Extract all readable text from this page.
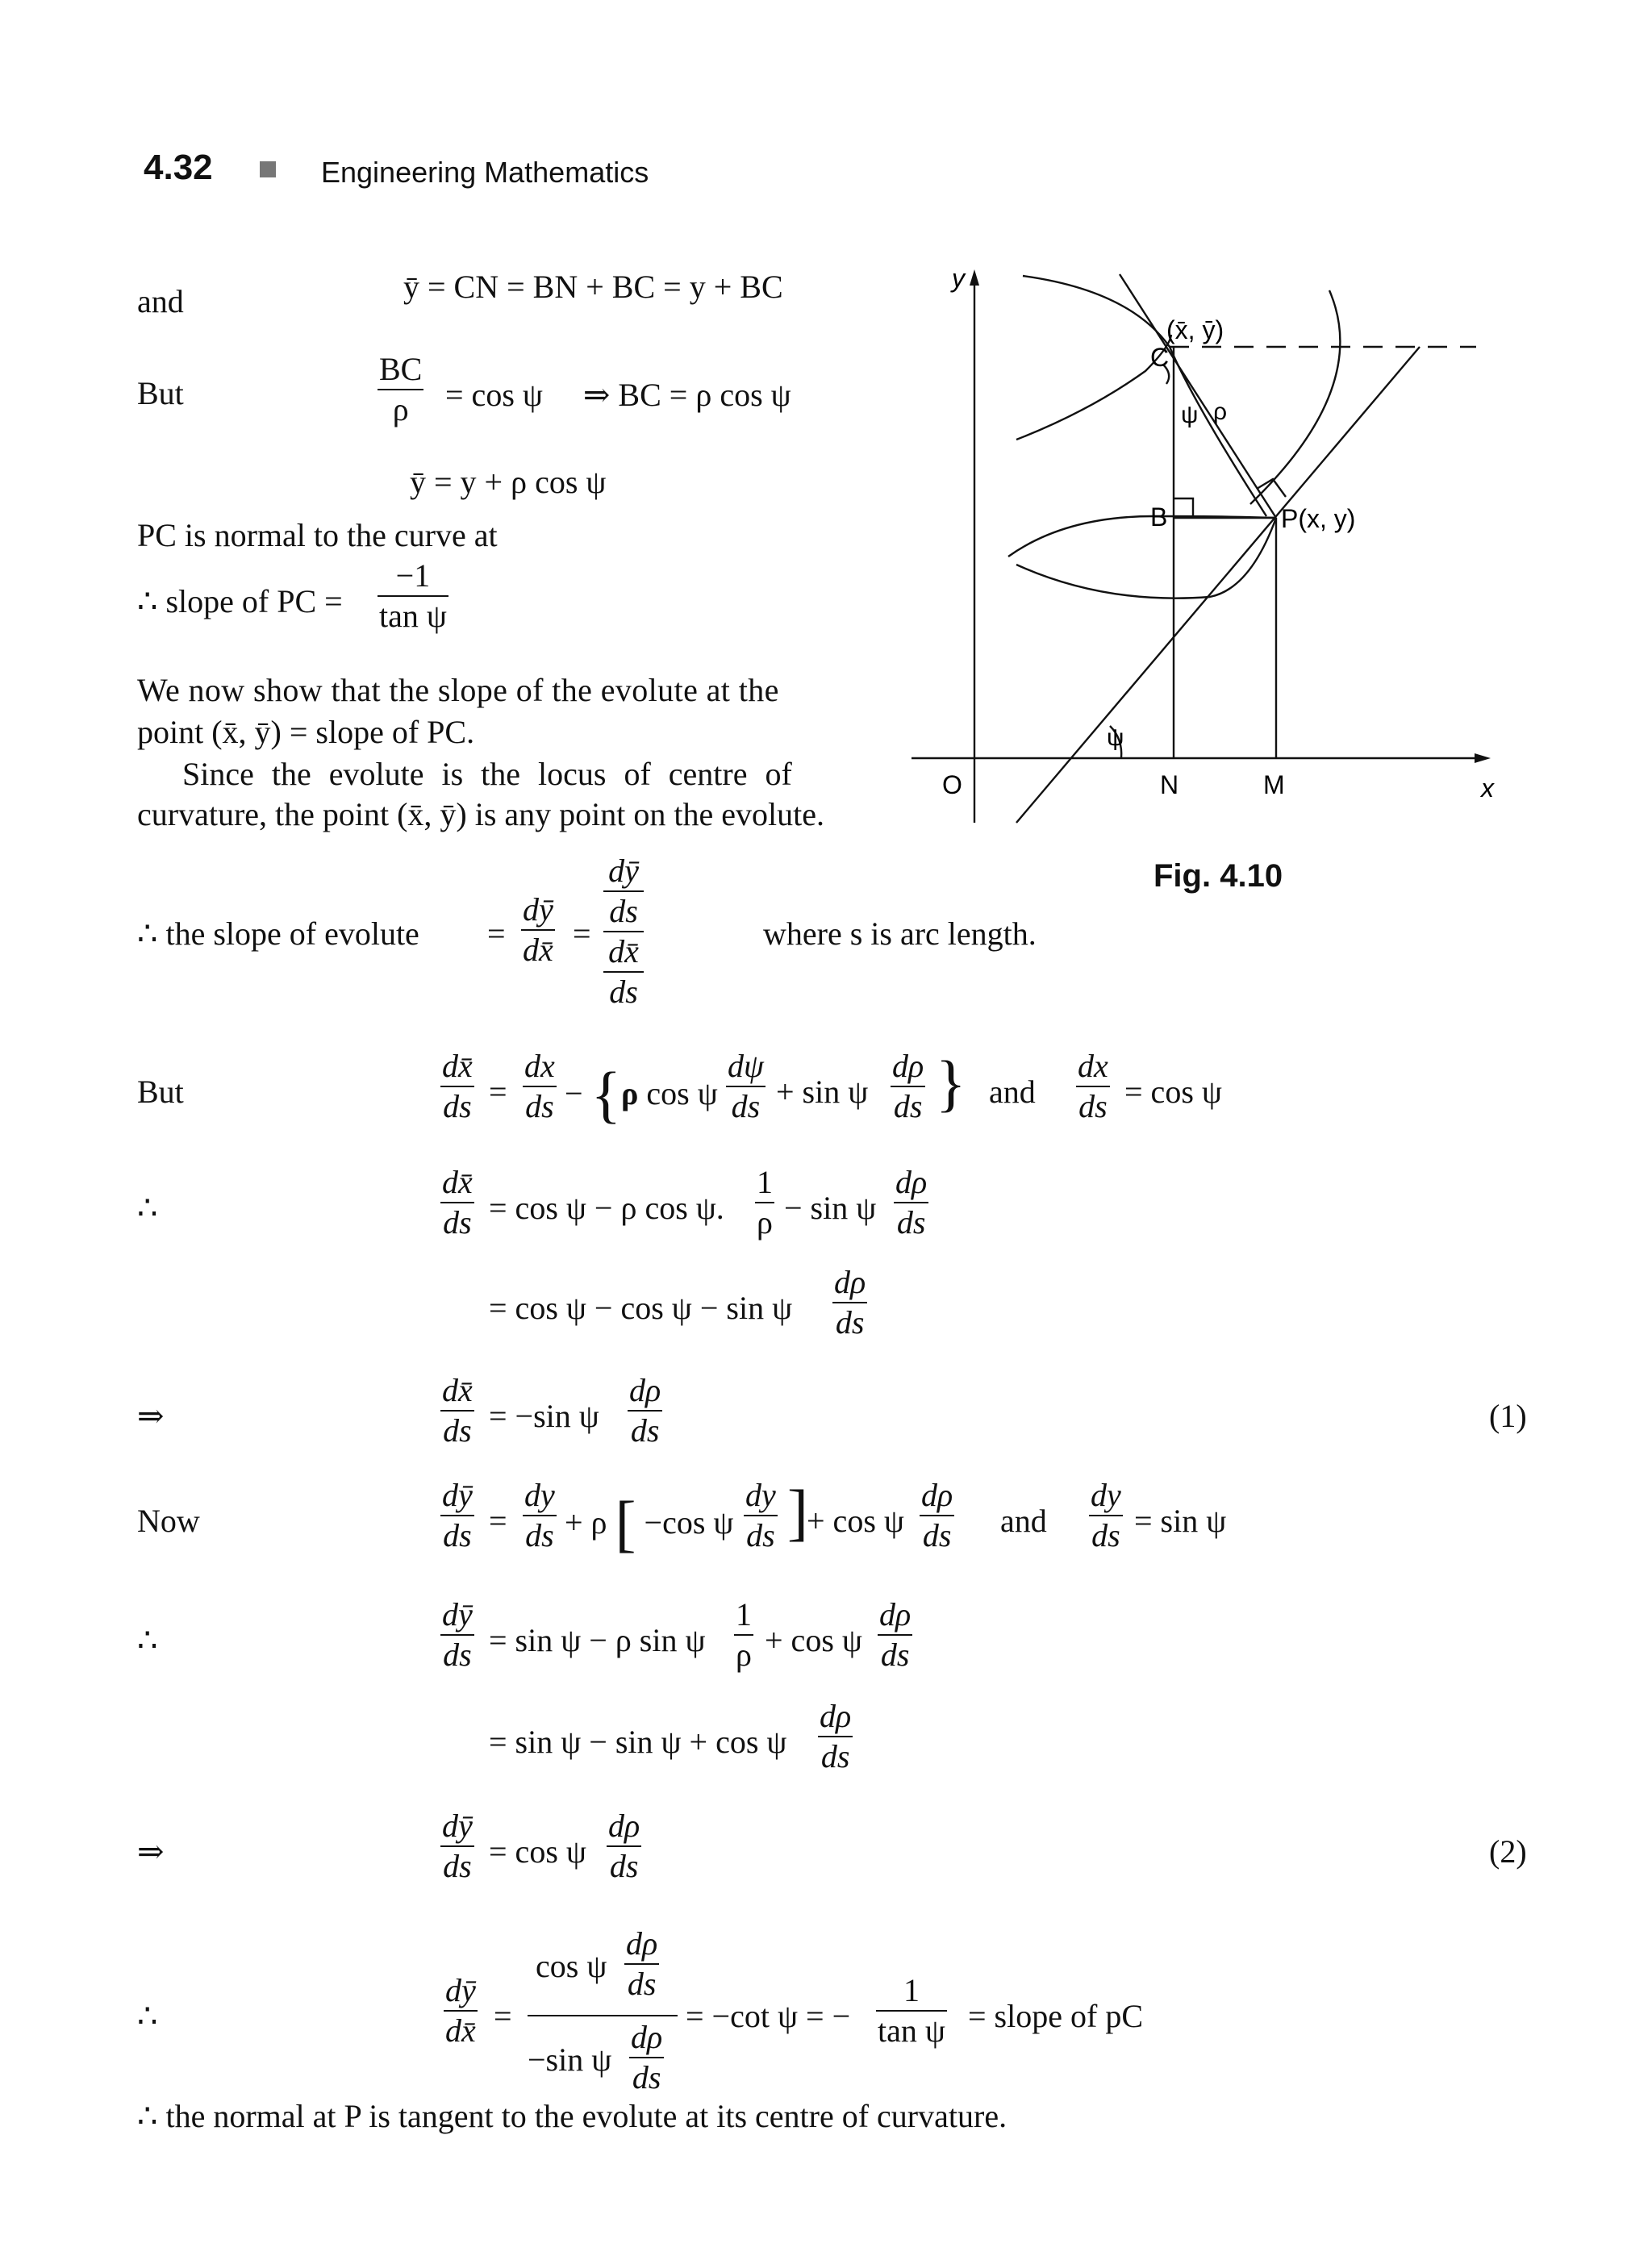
4.32	Engineering Mathematics
and	ȳ = CN = BN + BC = y + BC
But
BC
ρ = cos ψ     ⇒ BC = ρ cos ψ
ȳ = y + ρ cos ψ
PC is normal to the curve at
∴ slope of PC =
−1
tan ψ
We now show that the slope of the evolute at the
point (x̄, ȳ) = slope of PC.
Since the evolute is the locus of centre of
curvature, the point (x̄, ȳ) is any point on the evolute.
y
x
O
C
(x̄, ȳ)
B	P(x, y)
N	M
ψ ρ
ψ
Fig. 4.10
∴ the slope of evolute =
dȳ
dx̄ =
dȳ
ds
dx̄
ds
where s is arc length.
But
dx̄
ds =
dx
ds − {ρ cos ψ
dψ
ds + sin ψ
dρ
ds } and
dx
ds = cos ψ
∴
dx̄
ds = cos ψ − ρ cos ψ.
1
ρ − sin ψ
dρ
ds
= cos ψ − cos ψ − sin ψ
dρ
ds
⇒
dx̄
ds = −sin ψ
dρ
ds	(1)
Now
dȳ
ds =
dy
ds + ρ [ −cos ψ
dy
ds ]
+ cos ψ
dρ
ds and
dy
ds = sin ψ
∴
dȳ
ds = sin ψ − ρ sin ψ
1
ρ + cos ψ
dρ
ds
= sin ψ − sin ψ + cos ψ
dρ
ds
⇒
dȳ
ds = cos ψ
dρ
ds	(2)
∴
dȳ
dx̄ =
cos ψ
dρ
ds
−sin ψ
dρ
ds
= −cot ψ = −
1
tan ψ = slope of pC
∴ the normal at P is tangent to the evolute at its centre of curvature.
